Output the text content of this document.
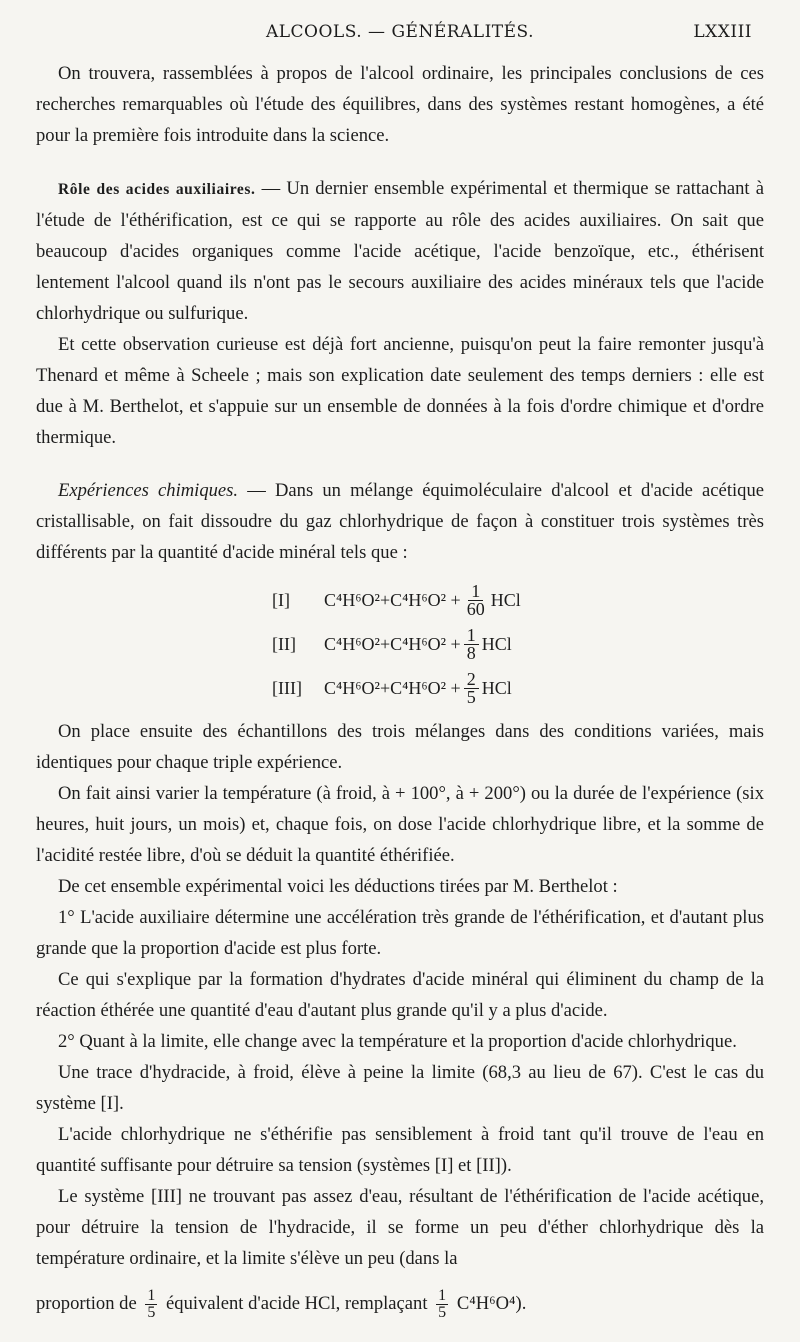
ALCOOLS. — GÉNÉRALITÉS.	LXXIII

On trouvera, rassemblées à propos de l'alcool ordinaire, les principales conclusions de ces recherches remarquables où l'étude des équilibres, dans des systèmes restant homogènes, a été pour la première fois introduite dans la science.

Rôle des acides auxiliaires. — Un dernier ensemble expérimental et thermique se rattachant à l'étude de l'éthérification, est ce qui se rapporte au rôle des acides auxiliaires. On sait que beaucoup d'acides organiques comme l'acide acétique, l'acide benzoïque, etc., éthérisent lentement l'alcool quand ils n'ont pas le secours auxiliaire des acides minéraux tels que l'acide chlorhydrique ou sulfurique.

Et cette observation curieuse est déjà fort ancienne, puisqu'on peut la faire remonter jusqu'à Thenard et même à Scheele ; mais son explication date seulement des temps derniers : elle est due à M. Berthelot, et s'appuie sur un ensemble de données à la fois d'ordre chimique et d'ordre thermique.

Expériences chimiques. — Dans un mélange équimoléculaire d'alcool et d'acide acétique cristallisable, on fait dissoudre du gaz chlorhydrique de façon à constituer trois systèmes très différents par la quantité d'acide minéral tels que :

[I]	$C^4H^6O^2+C^4H^6O^2 + \frac{1}{60}$ HCl
[II]	$C^4H^6O^2+C^4H^6O^2 + \frac{1}{8}$ HCl
[III]	$C^4H^6O^2+C^4H^6O^2 + \frac{2}{5}$ HCl

On place ensuite des échantillons des trois mélanges dans des conditions variées, mais identiques pour chaque triple expérience.

On fait ainsi varier la température (à froid, à + 100°, à + 200°) ou la durée de l'expérience (six heures, huit jours, un mois) et, chaque fois, on dose l'acide chlorhydrique libre, et la somme de l'acidité restée libre, d'où se déduit la quantité éthérifiée.

De cet ensemble expérimental voici les déductions tirées par M. Berthelot :

1° L'acide auxiliaire détermine une accélération très grande de l'éthérification, et d'autant plus grande que la proportion d'acide est plus forte.

Ce qui s'explique par la formation d'hydrates d'acide minéral qui éliminent du champ de la réaction éthérée une quantité d'eau d'autant plus grande qu'il y a plus d'acide.

2° Quant à la limite, elle change avec la température et la proportion d'acide chlorhydrique.

Une trace d'hydracide, à froid, élève à peine la limite (68,3 au lieu de 67). C'est le cas du système [I].

L'acide chlorhydrique ne s'éthérifie pas sensiblement à froid tant qu'il trouve de l'eau en quantité suffisante pour détruire sa tension (systèmes [I] et [II]).

Le système [III] ne trouvant pas assez d'eau, résultant de l'éthérification de l'acide acétique, pour détruire la tension de l'hydracide, il se forme un peu d'éther chlorhydrique dès la température ordinaire, et la limite s'élève un peu (dans la

proportion de $\frac{1}{5}$ équivalent d'acide HCl, remplaçant $\frac{1}{5} C^4H^6O^4$).
